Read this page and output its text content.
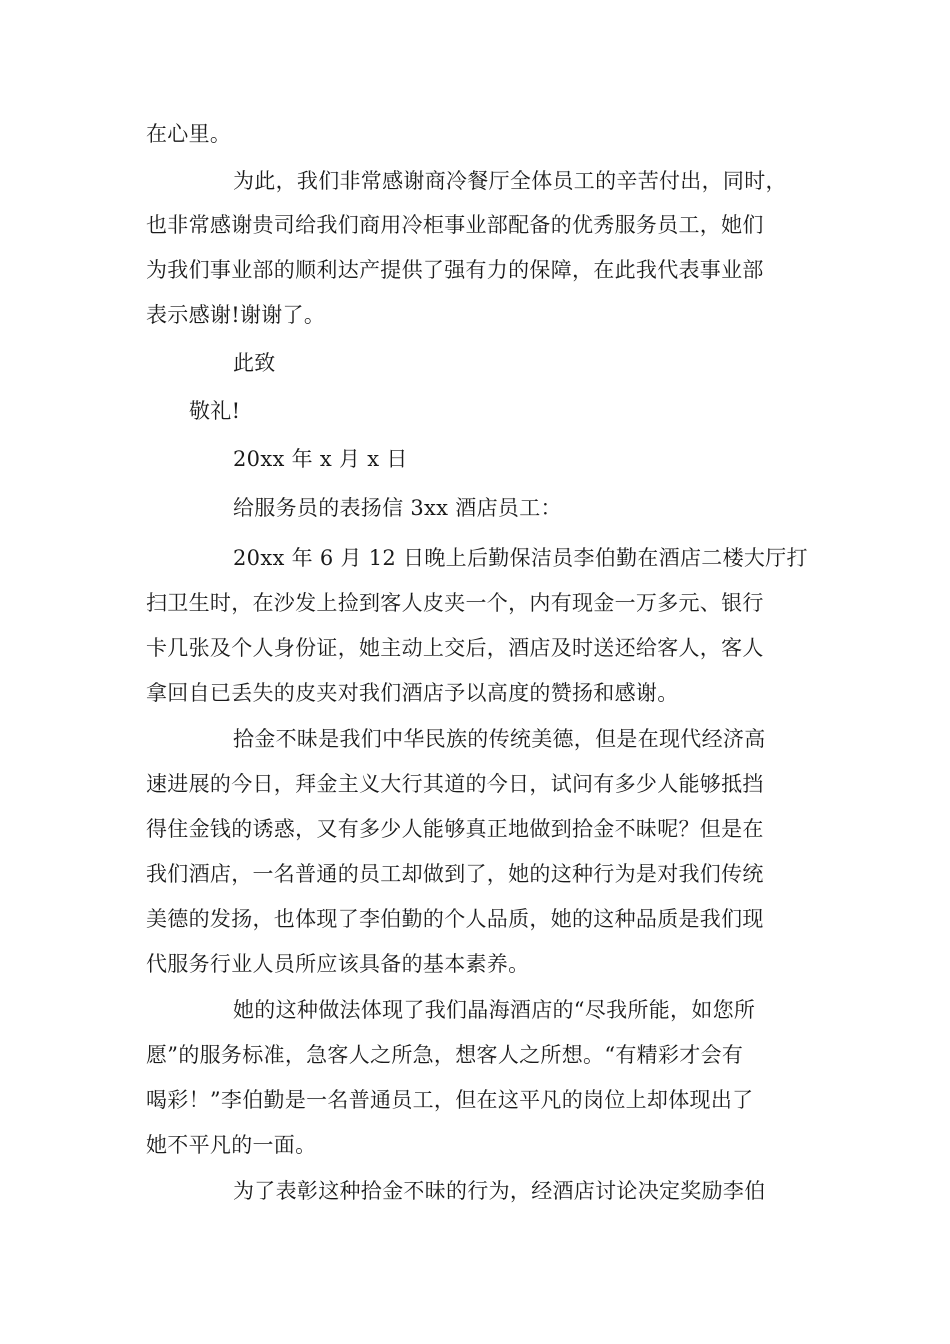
在心里。
为此，我们非常感谢商冷餐厅全体员工的辛苦付出，同时，
也非常感谢贵司给我们商用冷柜事业部配备的优秀服务员工，她们
为我们事业部的顺利达产提供了强有力的保障，在此我代表事业部
表示感谢!谢谢了。
此致
敬礼!
20xx 年 x 月 x 日
给服务员的表扬信 3xx 酒店员工：
20xx 年 6 月 12 日晚上后勤保洁员李伯勤在酒店二楼大厅打
扫卫生时，在沙发上捡到客人皮夹一个，内有现金一万多元、银行
卡几张及个人身份证，她主动上交后，酒店及时送还给客人，客人
拿回自已丢失的皮夹对我们酒店予以高度的赞扬和感谢。
拾金不昧是我们中华民族的传统美德，但是在现代经济高
速进展的今日，拜金主义大行其道的今日，试问有多少人能够抵挡
得住金钱的诱惑，又有多少人能够真正地做到拾金不昧呢？但是在
我们酒店，一名普通的员工却做到了，她的这种行为是对我们传统
美德的发扬，也体现了李伯勤的个人品质，她的这种品质是我们现
代服务行业人员所应该具备的基本素养。
她的这种做法体现了我们晶海酒店的“尽我所能，如您所
愿”的服务标准，急客人之所急，想客人之所想。“有精彩才会有
喝彩！”李伯勤是一名普通员工，但在这平凡的岗位上却体现出了
她不平凡的一面。
为了表彰这种拾金不昧的行为，经酒店讨论决定奖励李伯
